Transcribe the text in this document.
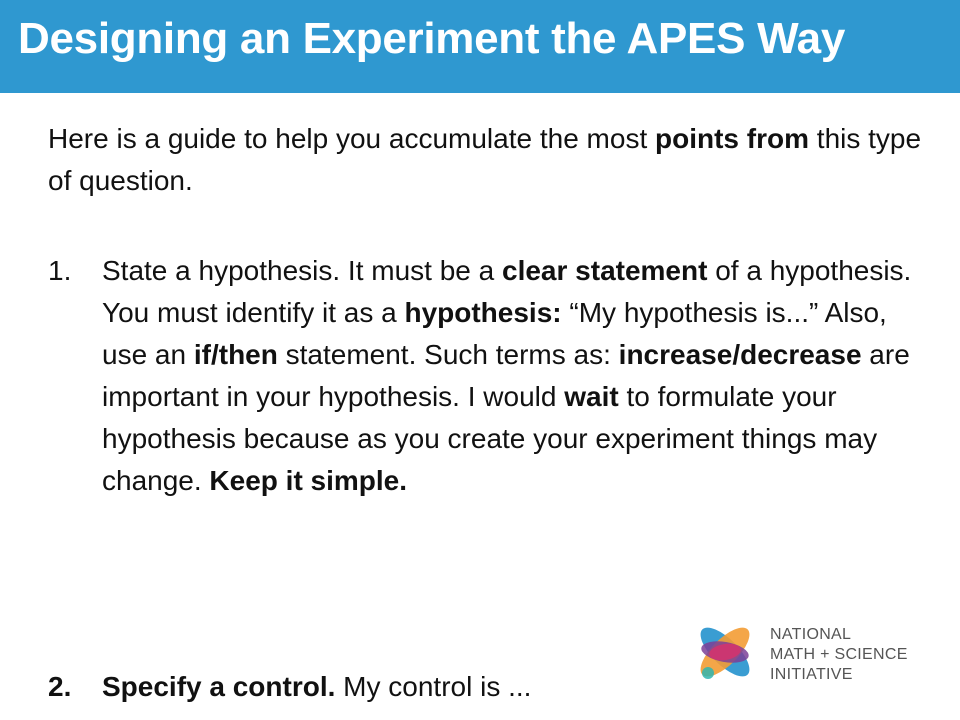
Designing an Experiment the APES Way
Here is a guide to help you accumulate the most points from this type of question.
1.	State a hypothesis. It must be a clear statement of a hypothesis. You must identify it as a hypothesis: “My hypothesis is...” Also, use an if/then statement. Such terms as: increase/decrease are important in your hypothesis. I would wait to formulate your hypothesis because as you create your experiment things may change. Keep it simple.
2.	Specify a control. My control is ...
NATIONAL
MATH + SCIENCE
INITIATIVE
